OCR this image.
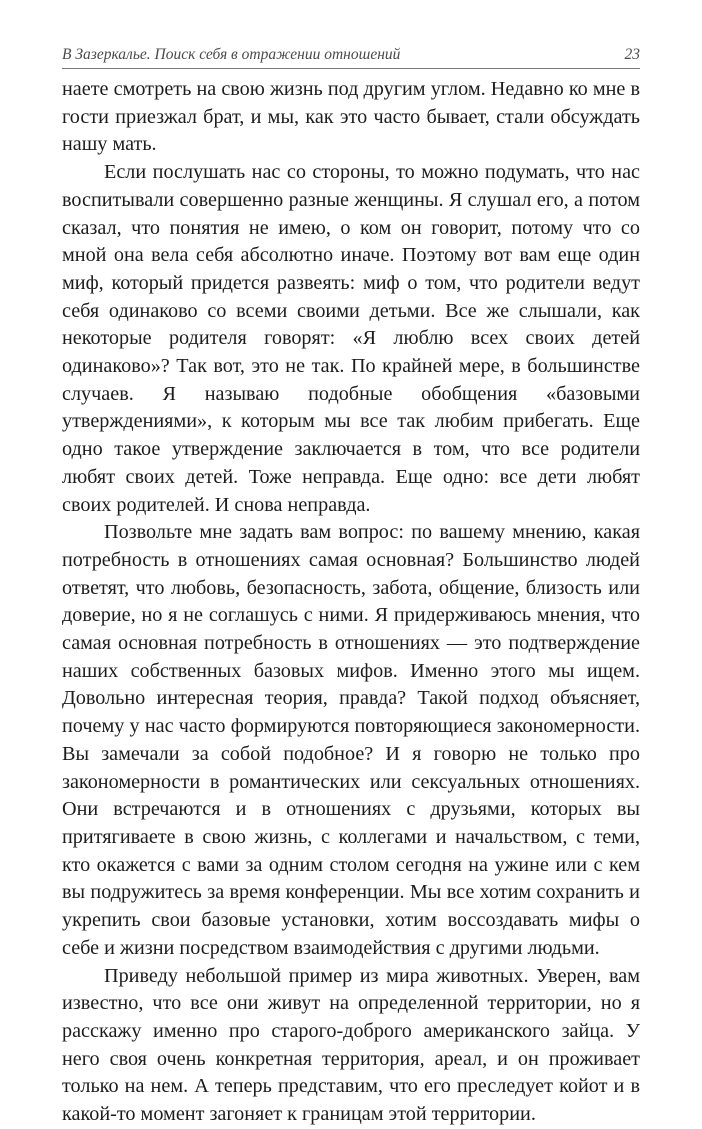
В Зазеркалье. Поиск себя в отражении отношений	23

наете смотреть на свою жизнь под другим углом. Недавно ко мне в гости приезжал брат, и мы, как это часто бывает, стали обсуждать нашу мать.

Если послушать нас со стороны, то можно подумать, что нас воспитывали совершенно разные женщины. Я слушал его, а потом сказал, что понятия не имею, о ком он говорит, потому что со мной она вела себя абсолютно иначе. Поэтому вот вам еще один миф, который придется развеять: миф о том, что родители ведут себя одинаково со всеми своими детьми. Все же слышали, как некоторые родителя говорят: «Я люблю всех своих детей одинаково»? Так вот, это не так. По крайней мере, в большинстве случаев. Я называю подобные обобщения «базовыми утверждениями», к которым мы все так любим прибегать. Еще одно такое утверждение заключается в том, что все родители любят своих детей. Тоже неправда. Еще одно: все дети любят своих родителей. И снова неправда.

Позвольте мне задать вам вопрос: по вашему мнению, какая потребность в отношениях самая основная? Большинство людей ответят, что любовь, безопасность, забота, общение, близость или доверие, но я не соглашусь с ними. Я придерживаюсь мнения, что самая основная потребность в отношениях — это подтверждение наших собственных базовых мифов. Именно этого мы ищем. Довольно интересная теория, правда? Такой подход объясняет, почему у нас часто формируются повторяющиеся закономерности. Вы замечали за собой подобное? И я говорю не только про закономерности в романтических или сексуальных отношениях. Они встречаются и в отношениях с друзьями, которых вы притягиваете в свою жизнь, с коллегами и начальством, с теми, кто окажется с вами за одним столом сегодня на ужине или с кем вы подружитесь за время конференции. Мы все хотим сохранить и укрепить свои базовые установки, хотим воссоздавать мифы о себе и жизни посредством взаимодействия с другими людьми.

Приведу небольшой пример из мира животных. Уверен, вам известно, что все они живут на определенной территории, но я расскажу именно про старого-доброго американского зайца. У него своя очень конкретная территория, ареал, и он проживает только на нем. А теперь представим, что его преследует койот и в какой-то момент загоняет к границам этой территории.
